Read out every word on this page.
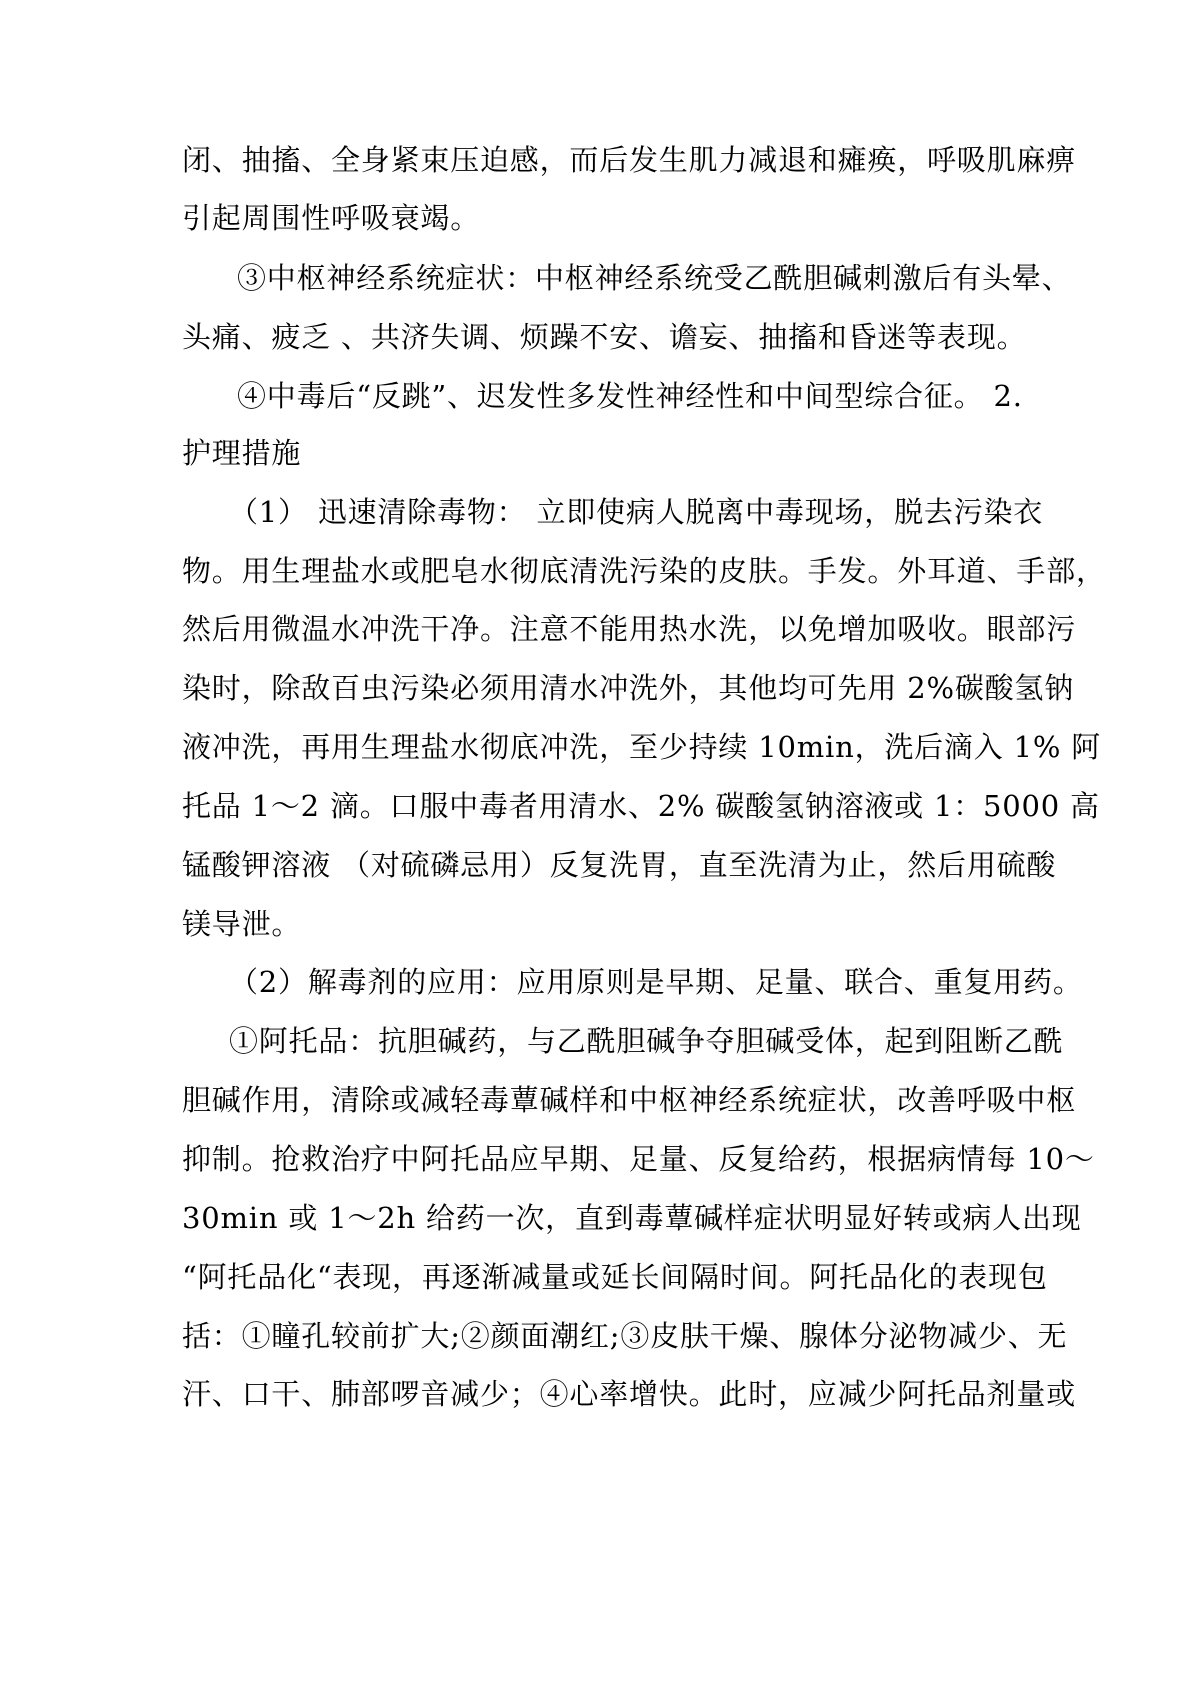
闭、抽搐、全身紧束压迫感，而后发生肌力减退和瘫痪，呼吸肌麻痹
引起周围性呼吸衰竭。
③中枢神经系统症状：中枢神经系统受乙酰胆碱刺激后有头晕、
头痛、疲乏 、共济失调、烦躁不安、谵妄、抽搐和昏迷等表现。
④中毒后“反跳”、迟发性多发性神经性和中间型综合征。 2.
护理措施
（1） 迅速清除毒物： 立即使病人脱离中毒现场，脱去污染衣
物。用生理盐水或肥皂水彻底清洗污染的皮肤。手发。外耳道、手部，
然后用微温水冲洗干净。注意不能用热水洗，以免增加吸收。眼部污
染时，除敌百虫污染必须用清水冲洗外，其他均可先用 2%碳酸氢钠
液冲洗，再用生理盐水彻底冲洗，至少持续 10min，洗后滴入 1% 阿
托品 1～2 滴。口服中毒者用清水、2% 碳酸氢钠溶液或 1：5000 高
锰酸钾溶液 （对硫磷忌用）反复洗胃，直至洗清为止，然后用硫酸
镁导泄。
（2）解毒剂的应用：应用原则是早期、足量、联合、重复用药。
①阿托品：抗胆碱药，与乙酰胆碱争夺胆碱受体，起到阻断乙酰
胆碱作用，清除或减轻毒蕈碱样和中枢神经系统症状，改善呼吸中枢
抑制。抢救治疗中阿托品应早期、足量、反复给药，根据病情每 10～
30min 或 1～2h 给药一次，直到毒蕈碱样症状明显好转或病人出现
“阿托品化“表现，再逐渐减量或延长间隔时间。阿托品化的表现包
括：①瞳孔较前扩大;②颜面潮红;③皮肤干燥、腺体分泌物减少、无
汗、口干、肺部啰音减少；④心率增快。此时，应减少阿托品剂量或
